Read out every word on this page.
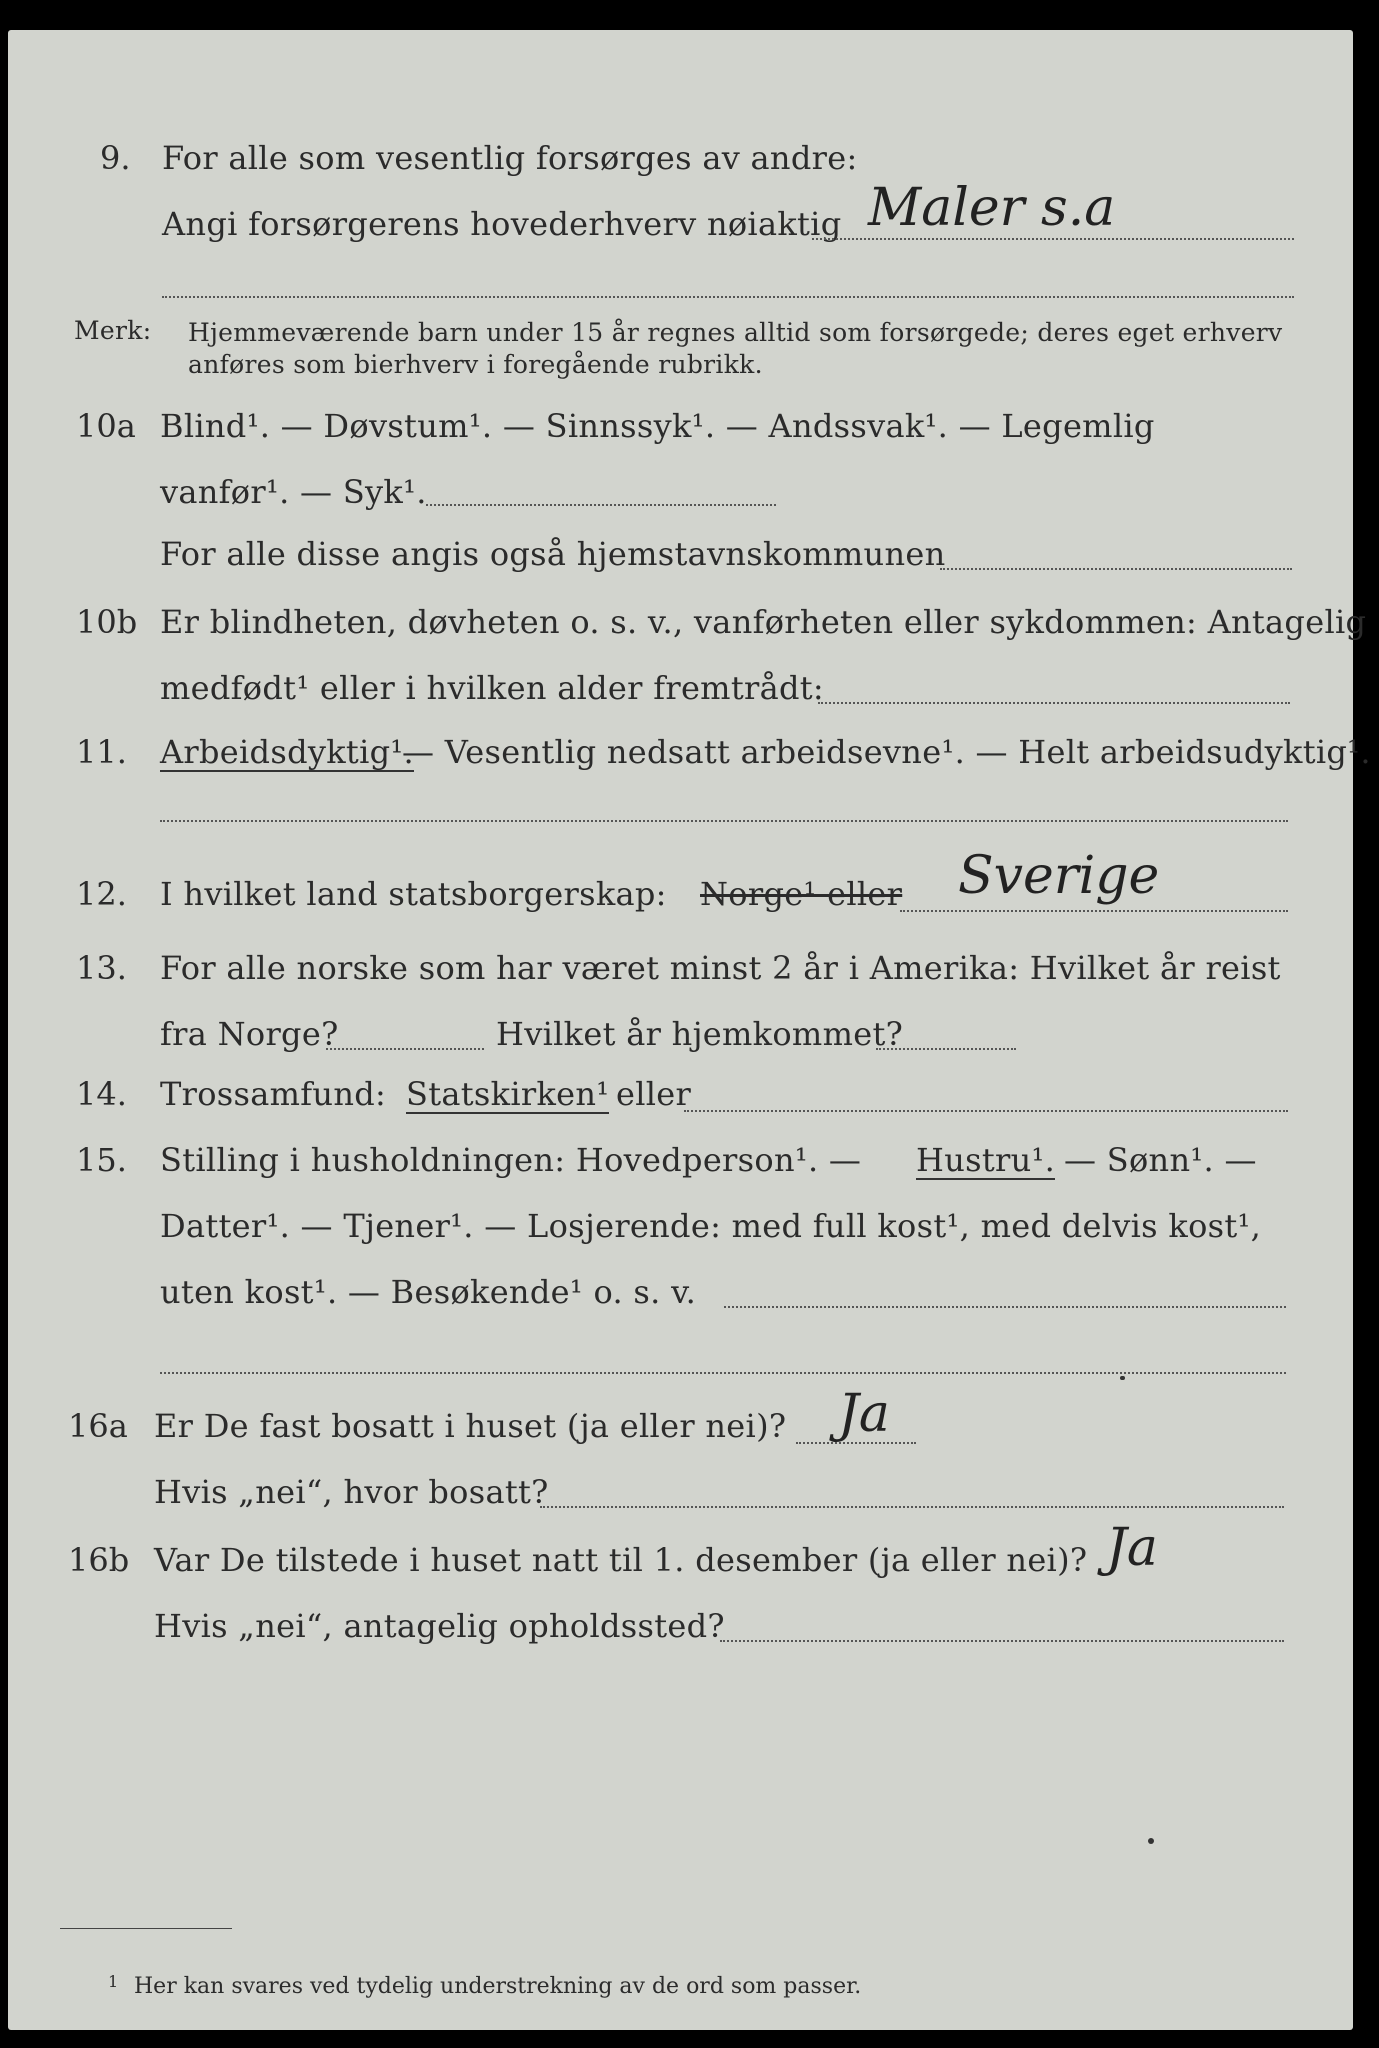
9. For alle som vesentlig forsørges av andre:
Angi forsørgerens hovederhverv nøiaktig Maler s.a
Merk: Hjemmeværende barn under 15 år regnes alltid som forsørgede; deres eget erhverv
anføres som bierhverv i foregående rubrikk.
10a Blind¹. — Døvstum¹. — Sinnssyk¹. — Andssvak¹. — Legemlig
vanfør¹. — Syk¹.
For alle disse angis også hjemstavnskommunen
10b Er blindheten, døvheten o. s. v., vanførheten eller sykdommen: Antagelig
medfødt¹ eller i hvilken alder fremtrådt:
11. Arbeidsdyktig¹.
— Vesentlig nedsatt arbeidsevne¹. — Helt arbeidsudyktig¹.
12. I hvilket land statsborgerskap: Norge¹ eller Sverige
13. For alle norske som har været minst 2 år i Amerika: Hvilket år reist
fra Norge?	Hvilket år hjemkommet?
14. Trossamfund: Statskirken¹ eller
15. Stilling i husholdningen: Hovedperson¹. — Hustru¹. — Sønn¹. —
Datter¹. — Tjener¹. — Losjerende: med full kost¹, med delvis kost¹,
uten kost¹. — Besøkende¹ o. s. v.
16a Er De fast bosatt i huset (ja eller nei)? Ja
Hvis „nei“, hvor bosatt?
16b Var De tilstede i huset natt til 1. desember (ja eller nei)? Ja
Hvis „nei“, antagelig opholdssted?
1 Her kan svares ved tydelig understrekning av de ord som passer.
